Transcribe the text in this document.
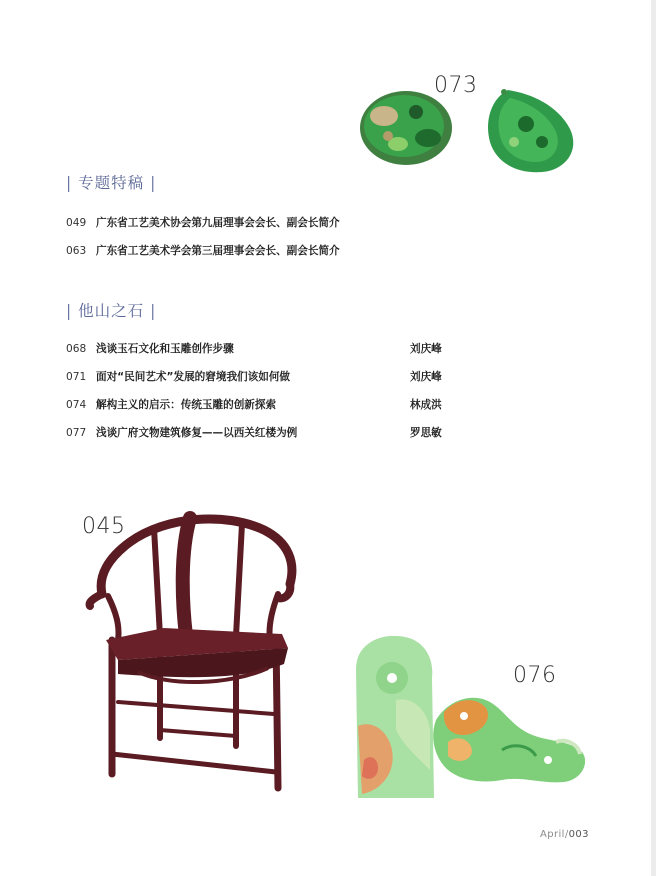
073
| 专题特稿 |
049 广东省工艺美术协会第九届理事会会长、副会长简介
063 广东省工艺美术学会第三届理事会会长、副会长简介
| 他山之石 |
068 浅谈玉石文化和玉雕创作步骤	刘庆峰
071 面对“民间艺术”发展的窘境我们该如何做	刘庆峰
074 解构主义的启示：传统玉雕的创新探索	林成洪
077 浅谈广府文物建筑修复——以西关红楼为例	罗思敏
045
076
April/003
